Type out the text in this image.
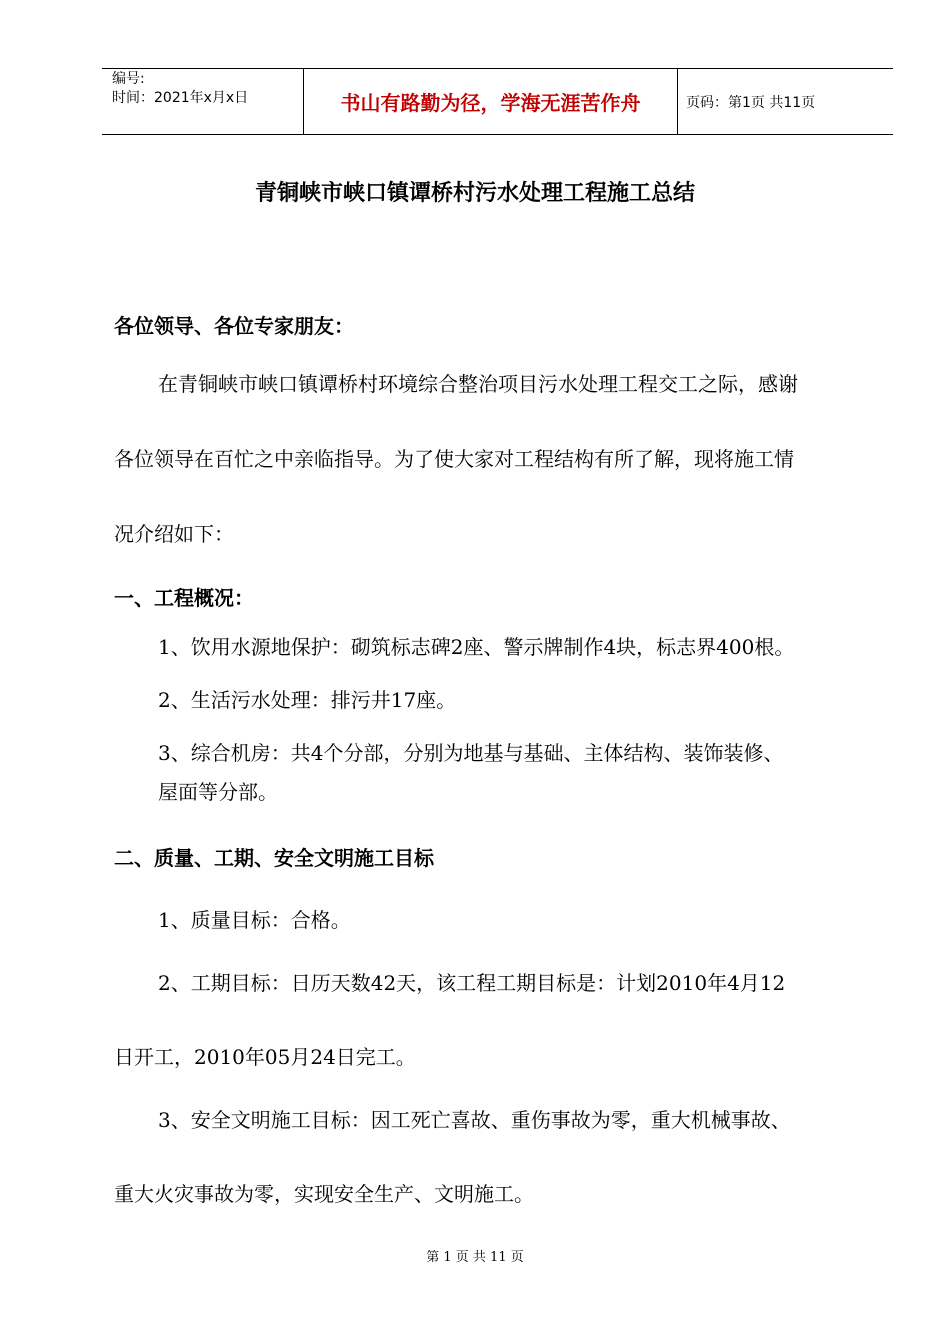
编号:
时间：2021年x月x日	书山有路勤为径，学海无涯苦作舟	页码：第1页 共11页
青铜峡市峡口镇谭桥村污水处理工程施工总结
各位领导、各位专家朋友：
在青铜峡市峡口镇谭桥村环境综合整治项目污水处理工程交工之际，感谢
各位领导在百忙之中亲临指导。为了使大家对工程结构有所了解，现将施工情
况介绍如下：
一、工程概况：
1、饮用水源地保护：砌筑标志碑2座、警示牌制作4块，标志界400根。
2、生活污水处理：排污井17座。
3、综合机房：共4个分部，分别为地基与基础、主体结构、装饰装修、
屋面等分部。
二、质量、工期、安全文明施工目标
1、质量目标：合格。
2、工期目标：日历天数42天，该工程工期目标是：计划2010年4月12
日开工，2010年05月24日完工。
3、安全文明施工目标：因工死亡喜故、重伤事故为零，重大机械事故、
重大火灾事故为零，实现安全生产、文明施工。
第 1 页 共 11 页
